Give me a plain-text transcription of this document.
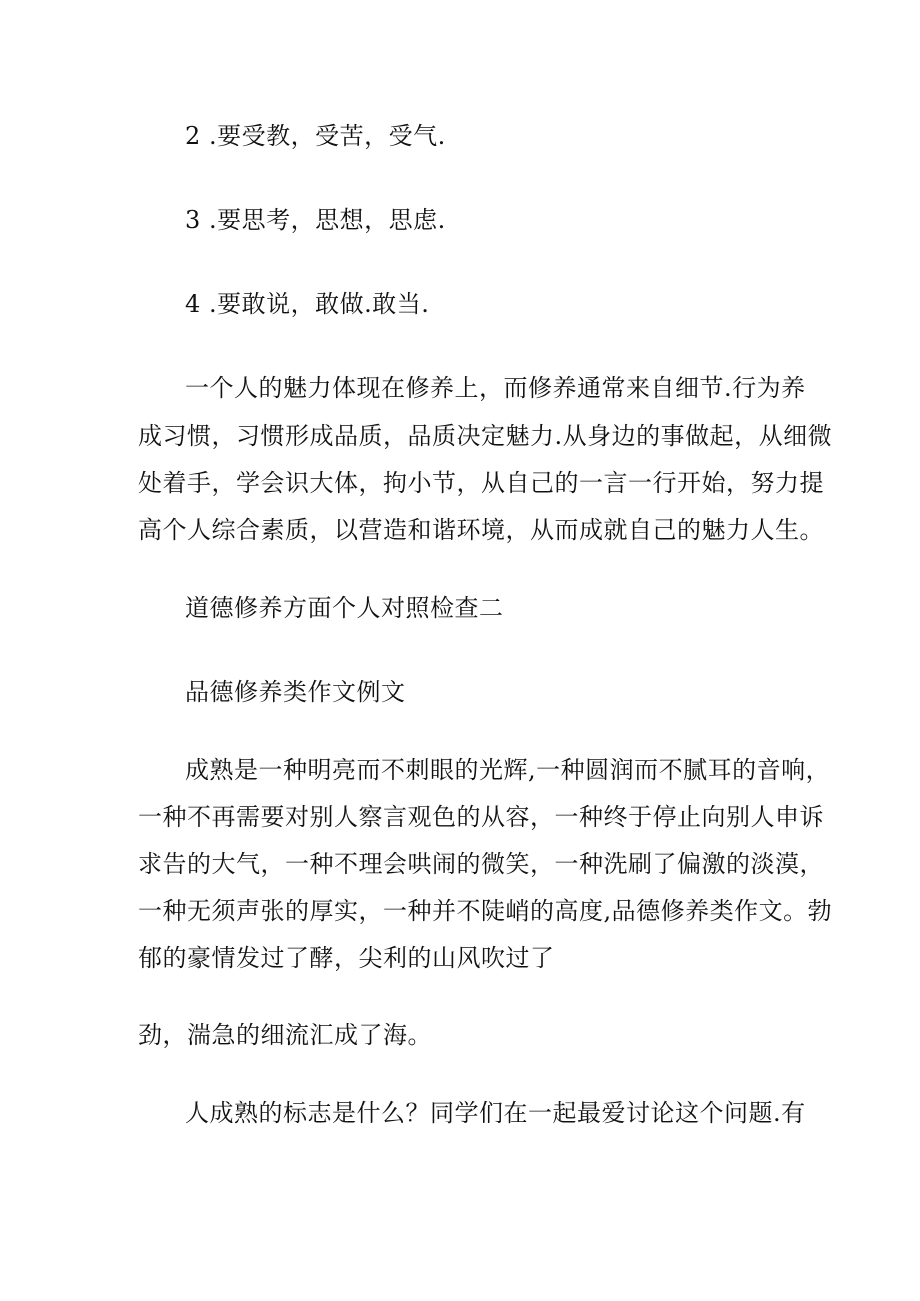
2 .要受教，受苦，受气.
3 .要思考，思想，思虑.
4 .要敢说，敢做.敢当.
一个人的魅力体现在修养上，而修养通常来自细节.行为养
成习惯，习惯形成品质，品质决定魅力.从身边的事做起，从细微
处着手，学会识大体，拘小节，从自己的一言一行开始，努力提
高个人综合素质，以营造和谐环境，从而成就自己的魅力人生。
道德修养方面个人对照检查二
品德修养类作文例文
成熟是一种明亮而不刺眼的光辉,一种圆润而不腻耳的音响，
一种不再需要对别人察言观色的从容，一种终于停止向别人申诉
求告的大气，一种不理会哄闹的微笑，一种洗刷了偏激的淡漠，
一种无须声张的厚实，一种并不陡峭的高度,品德修养类作文。勃
郁的豪情发过了酵，尖利的山风吹过了
劲，湍急的细流汇成了海。
人成熟的标志是什么？同学们在一起最爱讨论这个问题.有
